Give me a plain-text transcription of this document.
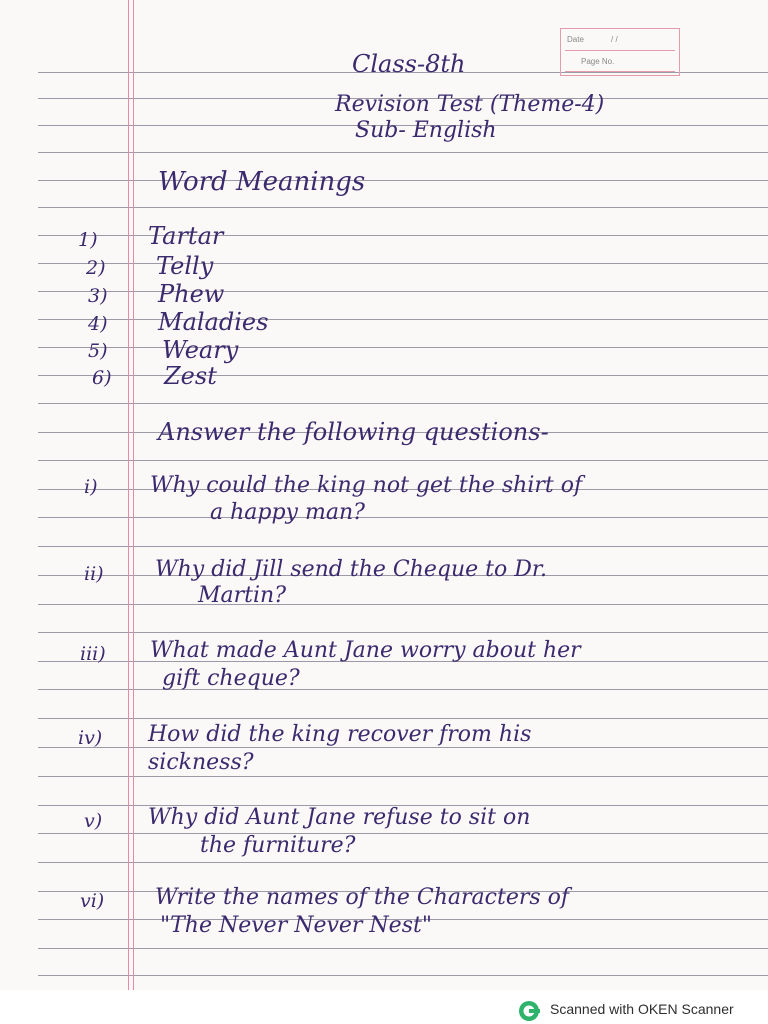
Date	/ /
Page No.
Class-8th
Revision Test (Theme-4)
Sub- English
Word Meanings
1) Tartar
2) Telly
3) Phew
4) Maladies
5) Weary
6) Zest
Answer the following questions-
i) Why could the king not get the shirt of
a happy man?
ii) Why did Jill send the Cheque to Dr.
Martin?
iii) What made Aunt Jane worry about her
gift cheque?
iv) How did the king recover from his
sickness?
v) Why did Aunt Jane refuse to sit on
the furniture?
vi) Write the names of the Characters of
"The Never Never Nest"
Scanned with OKEN Scanner
